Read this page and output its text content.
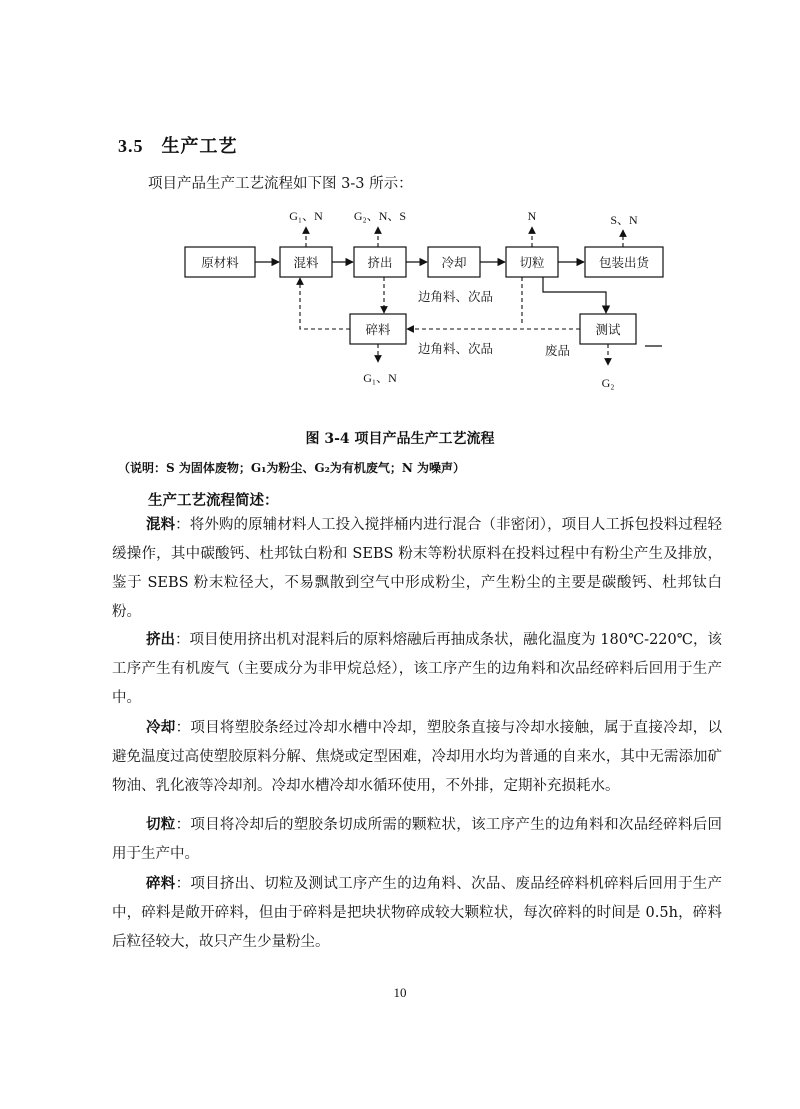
3.5 生产工艺
项目产品生产工艺流程如下图 3-3 所示：
原材料	混料	挤出	冷却	切粒	包装出货
测试
碎料
G₁、N	G₂、N、S	N	S、N
G₁、N	G₂
边角料、次品
边角料、次品	废品
图 3-4 项目产品生产工艺流程
（说明：S 为固体废物；G₁为粉尘、G₂为有机废气；N 为噪声）
生产工艺流程简述：
混料：将外购的原辅材料人工投入搅拌桶内进行混合（非密闭），项目人工拆包投料过程轻缓操作，其中碳酸钙、杜邦钛白粉和 SEBS 粉末等粉状原料在投料过程中有粉尘产生及排放，鉴于 SEBS 粉末粒径大，不易飘散到空气中形成粉尘，产生粉尘的主要是碳酸钙、杜邦钛白粉。
挤出：项目使用挤出机对混料后的原料熔融后再抽成条状，融化温度为 180℃-220℃，该工序产生有机废气（主要成分为非甲烷总烃），该工序产生的边角料和次品经碎料后回用于生产中。
冷却：项目将塑胶条经过冷却水槽中冷却，塑胶条直接与冷却水接触，属于直接冷却，以避免温度过高使塑胶原料分解、焦烧或定型困难，冷却用水均为普通的自来水，其中无需添加矿物油、乳化液等冷却剂。冷却水槽冷却水循环使用，不外排，定期补充损耗水。
切粒：项目将冷却后的塑胶条切成所需的颗粒状，该工序产生的边角料和次品经碎料后回用于生产中。
碎料：项目挤出、切粒及测试工序产生的边角料、次品、废品经碎料机碎料后回用于生产中，碎料是敞开碎料，但由于碎料是把块状物碎成较大颗粒状，每次碎料的时间是 0.5h，碎料后粒径较大，故只产生少量粉尘。
10
